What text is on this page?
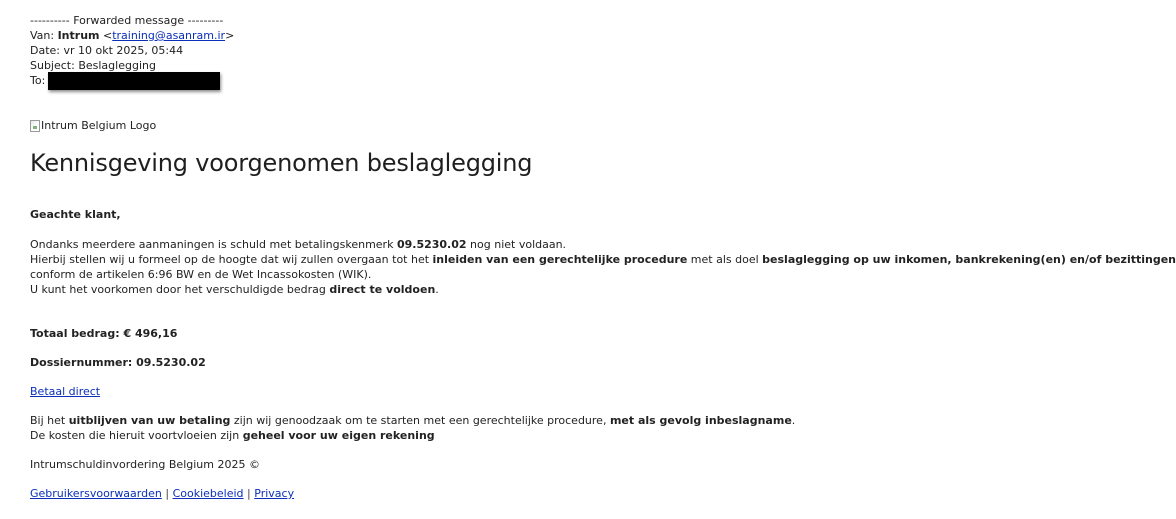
---------- Forwarded message ---------
Van: Intrum <training@asanram.ir>
Date: vr 10 okt 2025, 05:44
Subject: Beslaglegging
To:
Intrum Belgium Logo
Kennisgeving voorgenomen beslaglegging
Geachte klant,
Ondanks meerdere aanmaningen is schuld met betalingskenmerk 09.5230.02 nog niet voldaan.
Hierbij stellen wij u formeel op de hoogte dat wij zullen overgaan tot het inleiden van een gerechtelijke procedure met als doel beslaglegging op uw inkomen, bankrekening(en) en/of bezittingen
conform de artikelen 6:96 BW en de Wet Incassokosten (WIK).
U kunt het voorkomen door het verschuldigde bedrag direct te voldoen.
Totaal bedrag: € 496,16
Dossiernummer: 09.5230.02
Betaal direct
Bij het uitblijven van uw betaling zijn wij genoodzaak om te starten met een gerechtelijke procedure, met als gevolg inbeslagname.
De kosten die hieruit voortvloeien zijn geheel voor uw eigen rekening
Intrumschuldinvordering Belgium 2025 ©
Gebruikersvoorwaarden | Cookiebeleid | Privacy
